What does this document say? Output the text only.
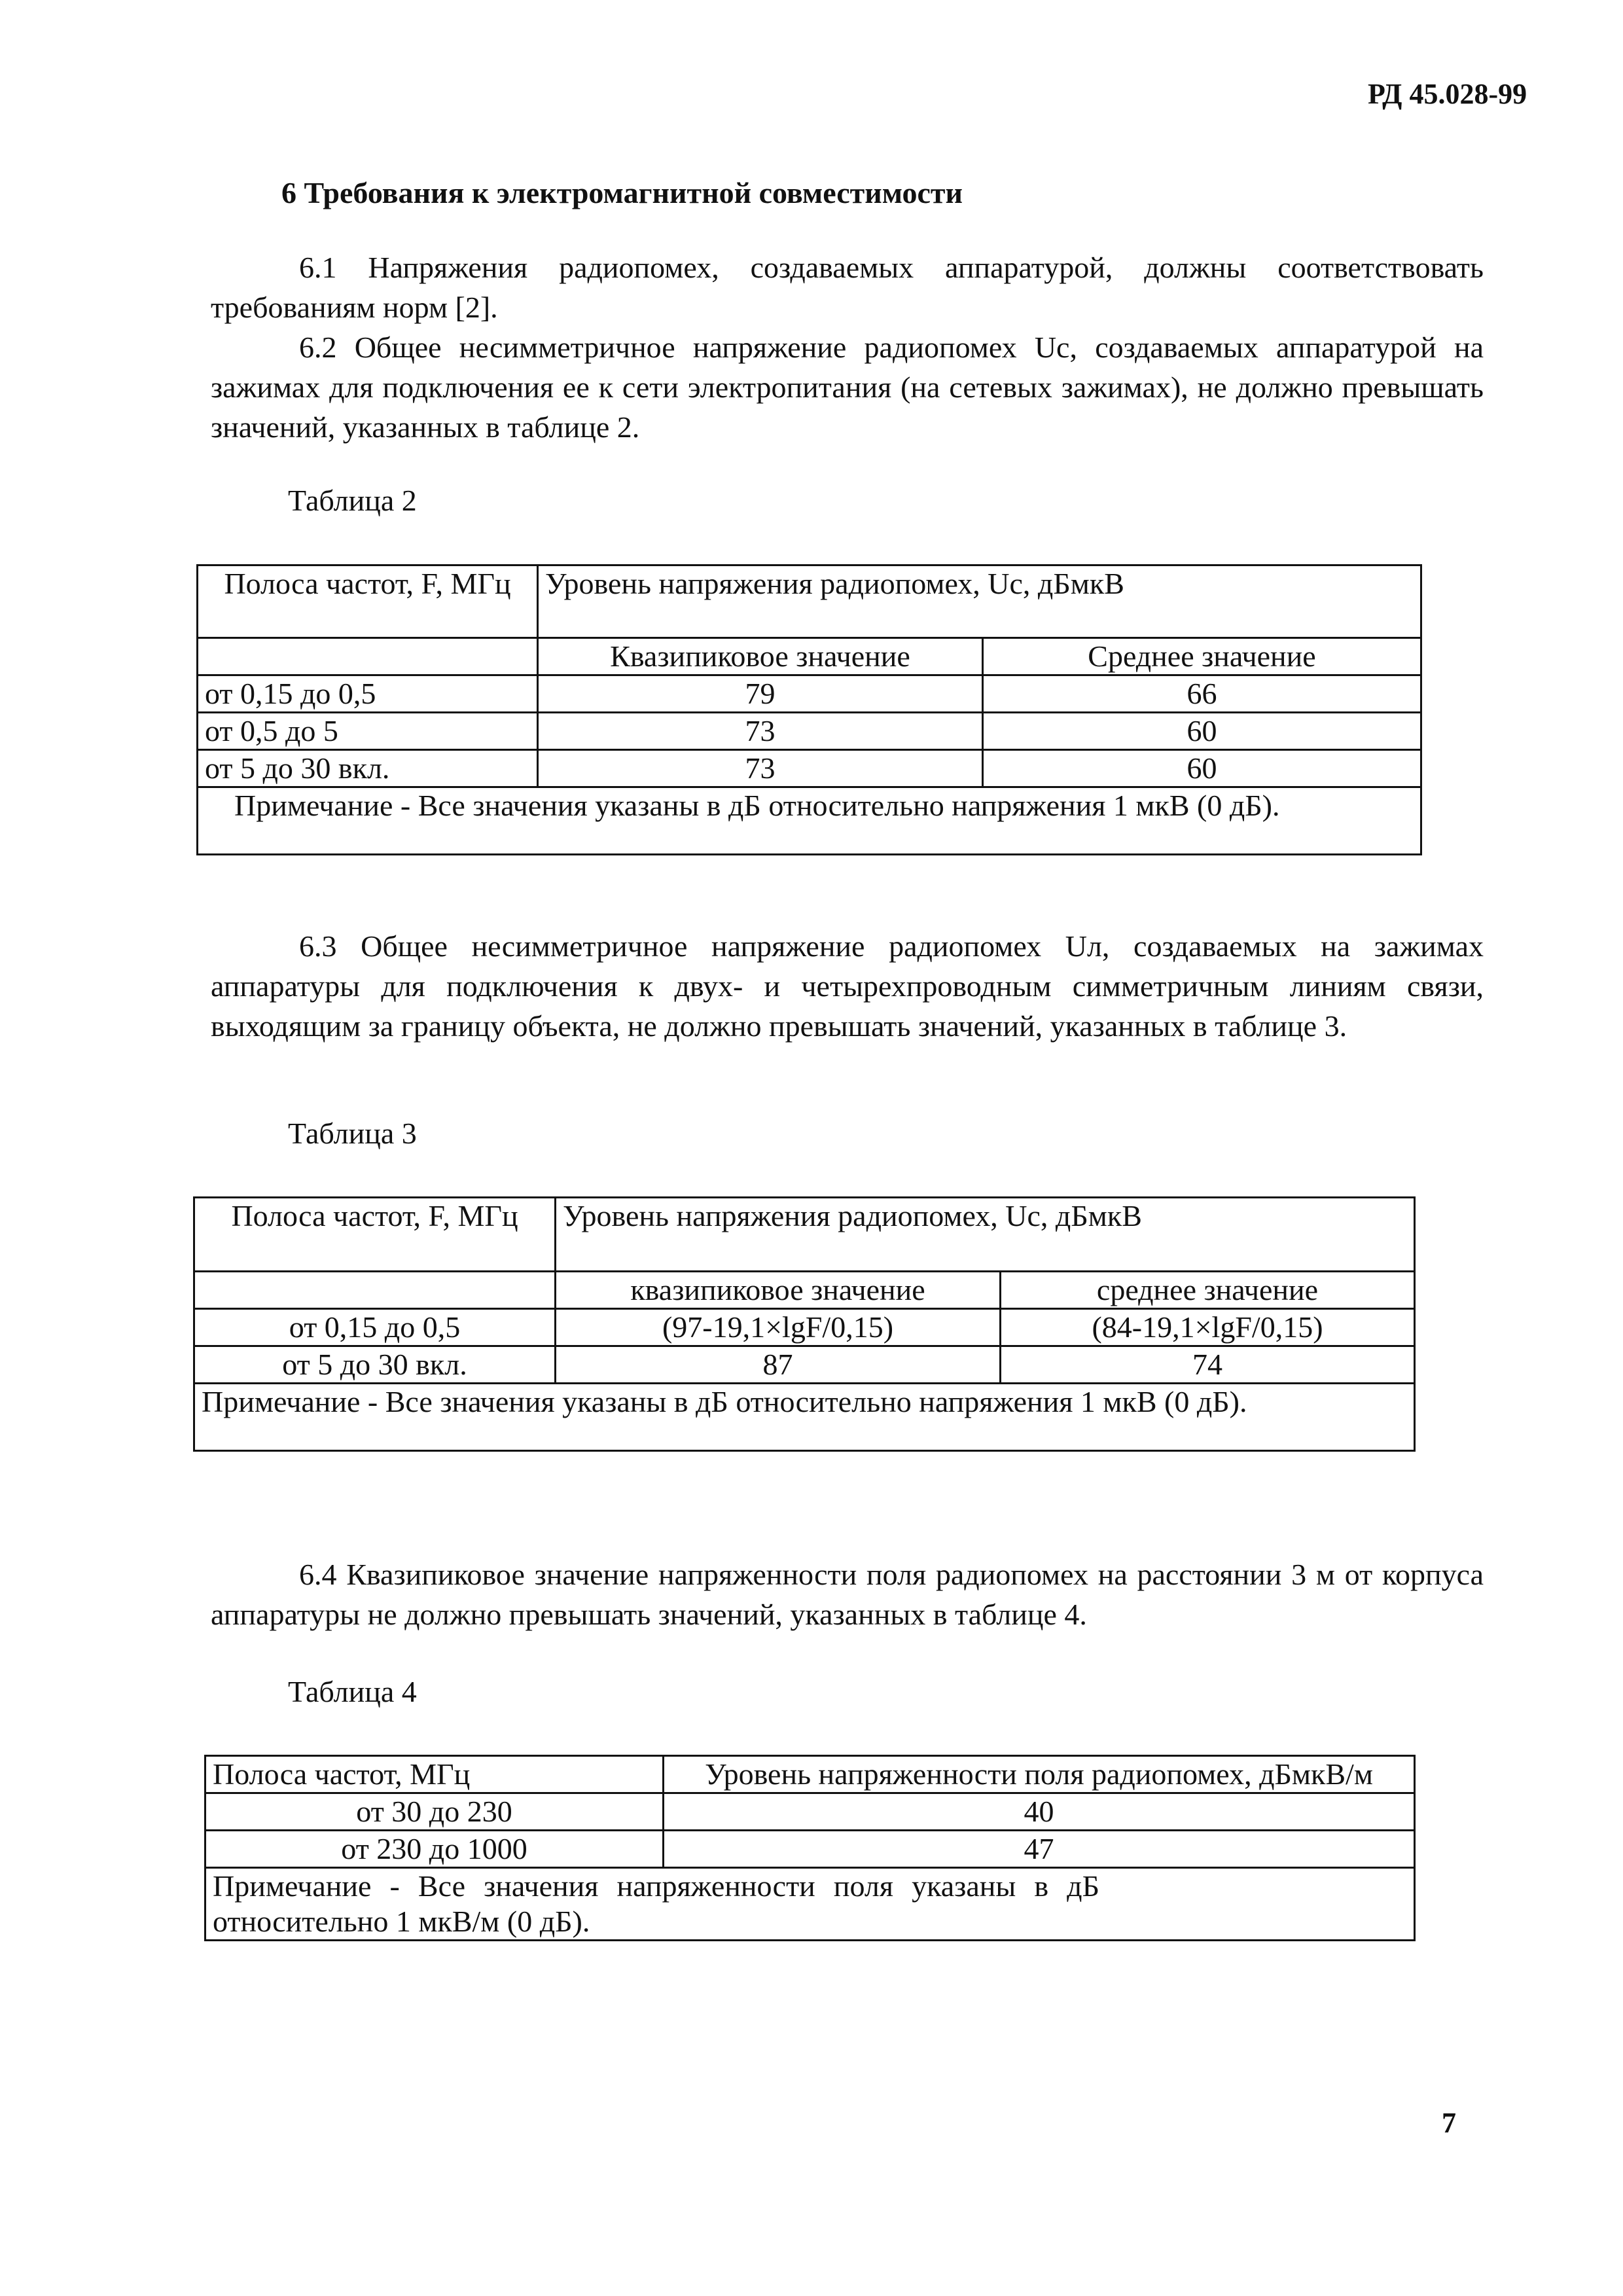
РД 45.028-99
6 Требования к электромагнитной совместимости
6.1 Напряжения радиопомех, создаваемых аппаратурой, должны соответствовать требованиям норм [2].
6.2 Общее несимметричное напряжение радиопомех Uс, создаваемых аппаратурой на зажимах для подключения ее к сети электропитания (на сетевых зажимах), не должно превышать значений, указанных в таблице 2.
Таблица 2
Полоса частот, F, МГц	Уровень напряжения радиопомех, Uc, дБмкВ	

	Квазипиковое значение	Среднее значение
от 0,15 до 0,5	79	66
от 0,5 до 5	73	60
от 5 до 30 вкл.	73	60
Примечание - Все значения указаны в дБ относительно напряжения 1 мкВ (0 дБ).		
6.3 Общее несимметричное напряжение радиопомех Uл, создаваемых на зажимах аппаратуры для подключения к двух- и четырехпроводным симметричным линиям связи, выходящим за границу объекта, не должно превышать значений, указанных в таблице 3.
Таблица 3
Полоса частот, F, МГц	Уровень напряжения радиопомех, Uc, дБмкВ	

	квазипиковое значение	среднее значение
от 0,15 до 0,5	(97-19,1×lgF/0,15)	(84-19,1×lgF/0,15)
от 5 до 30 вкл.	87	74
Примечание - Все значения указаны в дБ относительно напряжения 1 мкВ (0 дБ).		
6.4 Квазипиковое значение напряженности поля радиопомех на расстоянии 3 м от корпуса аппаратуры не должно превышать значений, указанных в таблице 4.
Таблица 4
Полоса частот, МГц	Уровень напряженности поля радиопомех, дБмкВ/м
от 30 до 230	40
от 230 до 1000	47
Примечание - Все значения напряженности поля указаны в дБ относительно 1 мкВ/м (0 дБ).	
7
